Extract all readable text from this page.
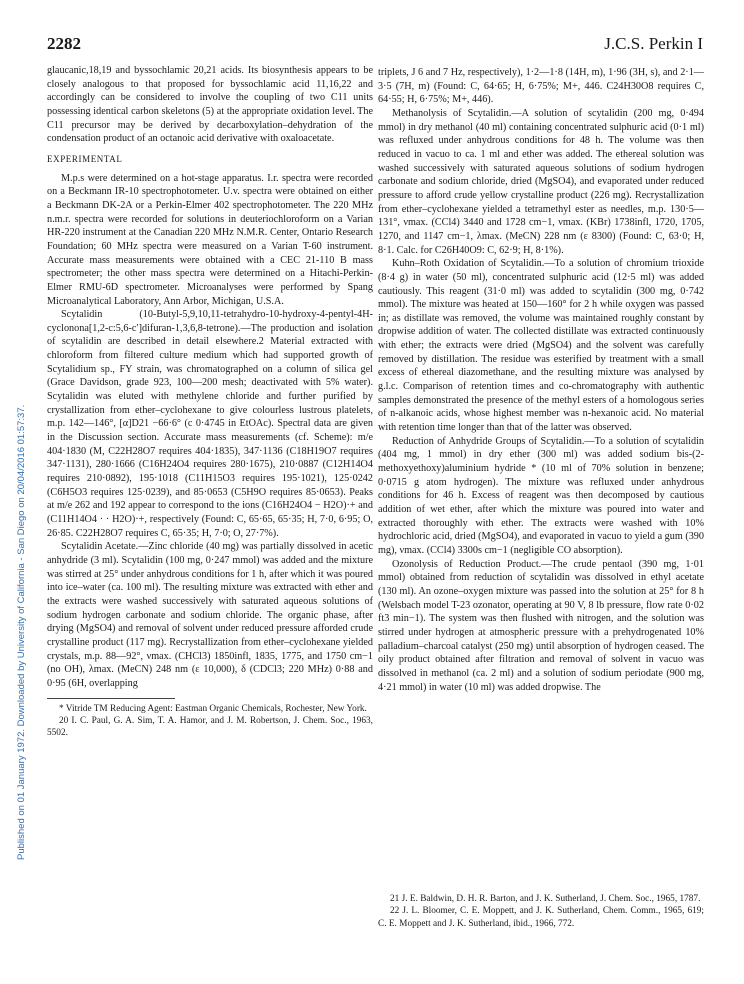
2282	J.C.S. Perkin I
Published on 01 January 1972. Downloaded by University of California - San Diego on 20/04/2016 01:57:37.

glaucanic,18,19 and byssochlamic 20,21 acids. Its biosynthesis appears to be closely analogous to that proposed for byssochlamic acid 11,16,22 and accordingly can be considered to involve the coupling of two C11 units possessing identical carbon skeletons (5) at the appropriate oxidation level. The C11 precursor may be derived by decarboxylation–dehydration of the condensation product of an octanoic acid derivative with oxaloacetate.

EXPERIMENTAL

M.p.s were determined on a hot-stage apparatus. I.r. spectra were recorded on a Beckmann IR-10 spectrophotometer. U.v. spectra were obtained on either a Beckmann DK-2A or a Perkin-Elmer 402 spectrophotometer. The 220 MHz n.m.r. spectra were recorded for solutions in deuteriochloroform on a Varian HR-220 instrument at the Canadian 220 MHz N.M.R. Center, Ontario Research Foundation; 60 MHz spectra were measured on a Varian T-60 instrument. Accurate mass measurements were obtained with a CEC 21-110 B mass spectrometer; the other mass spectra were determined on a Hitachi-Perkin-Elmer RMU-6D spectrometer. Microanalyses were performed by Spang Microanalytical Laboratory, Ann Arbor, Michigan, U.S.A.

Scytalidin (10-Butyl-5,9,10,11-tetrahydro-10-hydroxy-4-pentyl-4H-cyclonona[1,2-c:5,6-c′]difuran-1,3,6,8-tetrone).—The production and isolation of scytalidin are described in detail elsewhere.2 Material extracted with chloroform from filtered culture medium which had supported growth of Scytalidium sp., FY strain, was chromatographed on a column of silica gel (Grace Davidson, grade 923, 100—200 mesh; deactivated with 5% water). Scytalidin was eluted with methylene chloride and further purified by crystallization from ether–cyclohexane to give colourless lustrous platelets, m.p. 142—146°, [α]D21 −66·6° (c 0·4745 in EtOAc). Spectral data are given in the Discussion section. Accurate mass measurements (cf. Scheme): m/e 404·1830 (M, C22H28O7 requires 404·1835), 347·1136 (C18H19O7 requires 347·1131), 280·1666 (C16H24O4 requires 280·1675), 210·0887 (C12H14O4 requires 210·0892), 195·1018 (C11H15O3 requires 195·1021), 125·0242 (C6H5O3 requires 125·0239), and 85·0653 (C5H9O requires 85·0653). Peaks at m/e 262 and 192 appear to correspond to the ions (C16H24O4 − H2O)·+ and (C11H14O4 · · H2O)·+, respectively (Found: C, 65·65, 65·35; H, 7·0, 6·95; O, 26·85. C22H28O7 requires C, 65·35; H, 7·0; O, 27·7%).

Scytalidin Acetate.—Zinc chloride (40 mg) was partially dissolved in acetic anhydride (3 ml). Scytalidin (100 mg, 0·247 mmol) was added and the mixture was stirred at 25° under anhydrous conditions for 1 h, after which it was poured into ice–water (ca. 100 ml). The resulting mixture was extracted with ether and the extracts were washed successively with saturated aqueous solutions of sodium hydrogen carbonate and sodium chloride. The organic phase, after drying (MgSO4) and removal of solvent under reduced pressure afforded crude crystalline product (117 mg). Recrystallization from ether–cyclohexane yielded crystals, m.p. 88—92°, νmax. (CHCl3) 1850infl, 1835, 1775, and 1750 cm−1 (no OH), λmax. (MeCN) 248 nm (ε 10,000), δ (CDCl3; 220 MHz) 0·88 and 0·95 (6H, overlapping

* Vitride TM Reducing Agent: Eastman Organic Chemicals, Rochester, New York.

20 I. C. Paul, G. A. Sim, T. A. Hamor, and J. M. Robertson, J. Chem. Soc., 1963, 5502.

triplets, J 6 and 7 Hz, respectively), 1·2—1·8 (14H, m), 1·96 (3H, s), and 2·1—3·5 (7H, m) (Found: C, 64·65; H, 6·75%; M+, 446. C24H30O8 requires C, 64·55; H, 6·75%; M+, 446).

Methanolysis of Scytalidin.—A solution of scytalidin (200 mg, 0·494 mmol) in dry methanol (40 ml) containing concentrated sulphuric acid (0·1 ml) was refluxed under anhydrous conditions for 48 h. The volume was then reduced in vacuo to ca. 1 ml and ether was added. The ethereal solution was washed successively with saturated aqueous solutions of sodium hydrogen carbonate and sodium chloride, dried (MgSO4), and evaporated under reduced pressure to afford crude yellow crystalline product (226 mg). Recrystallization from ether–cyclohexane yielded a tetramethyl ester as needles, m.p. 130·5—131°, νmax. (CCl4) 3440 and 1728 cm−1, νmax. (KBr) 1738infl, 1720, 1705, 1270, and 1147 cm−1, λmax. (MeCN) 228 nm (ε 8300) (Found: C, 63·0; H, 8·1. Calc. for C26H40O9: C, 62·9; H, 8·1%).

Kuhn–Roth Oxidation of Scytalidin.—To a solution of chromium trioxide (8·4 g) in water (50 ml), concentrated sulphuric acid (12·5 ml) was added cautiously. This reagent (31·0 ml) was added to scytalidin (300 mg, 0·742 mmol). The mixture was heated at 150—160° for 2 h while oxygen was passed in; as distillate was removed, the volume was maintained roughly constant by dropwise addition of water. The collected distillate was extracted continuously with ether; the extracts were dried (MgSO4) and the solvent was carefully removed by distillation. The residue was esterified by treatment with a small excess of ethereal diazomethane, and the resulting mixture was analysed by g.l.c. Comparison of retention times and co-chromatography with authentic samples demonstrated the presence of the methyl esters of a homologous series of n-alkanoic acids, whose highest member was n-hexanoic acid. No material with retention time longer than that of the latter was observed.

Reduction of Anhydride Groups of Scytalidin.—To a solution of scytalidin (404 mg, 1 mmol) in dry ether (300 ml) was added sodium bis-(2-methoxyethoxy)aluminium hydride * (10 ml of 70% solution in benzene; 0·0715 g atom hydrogen). The mixture was refluxed under anhydrous conditions for 46 h. Excess of reagent was then decomposed by cautious addition of wet ether, after which the mixture was poured into water and extracted thoroughly with ether. The extracts were washed with 10% hydrochloric acid, dried (MgSO4), and evaporated in vacuo to yield a gum (390 mg), νmax. (CCl4) 3300s cm−1 (negligible CO absorption).

Ozonolysis of Reduction Product.—The crude pentaol (390 mg, 1·01 mmol) obtained from reduction of scytalidin was dissolved in ethyl acetate (130 ml). An ozone–oxygen mixture was passed into the solution at 25° for 8 h (Welsbach model T-23 ozonator, operating at 90 V, 8 lb pressure, flow rate 0·02 ft3 min−1). The system was then flushed with nitrogen, and the solution was stirred under hydrogen at atmospheric pressure with a prehydrogenated 10% palladium–charcoal catalyst (250 mg) until absorption of hydrogen ceased. The oily product obtained after filtration and removal of solvent in vacuo was dissolved in methanol (ca. 2 ml) and a solution of sodium periodate (900 mg, 4·21 mmol) in water (10 ml) was added dropwise. The

21 J. E. Baldwin, D. H. R. Barton, and J. K. Sutherland, J. Chem. Soc., 1965, 1787.

22 J. L. Bloomer, C. E. Moppett, and J. K. Sutherland, Chem. Comm., 1965, 619; C. E. Moppett and J. K. Sutherland, ibid., 1966, 772.
